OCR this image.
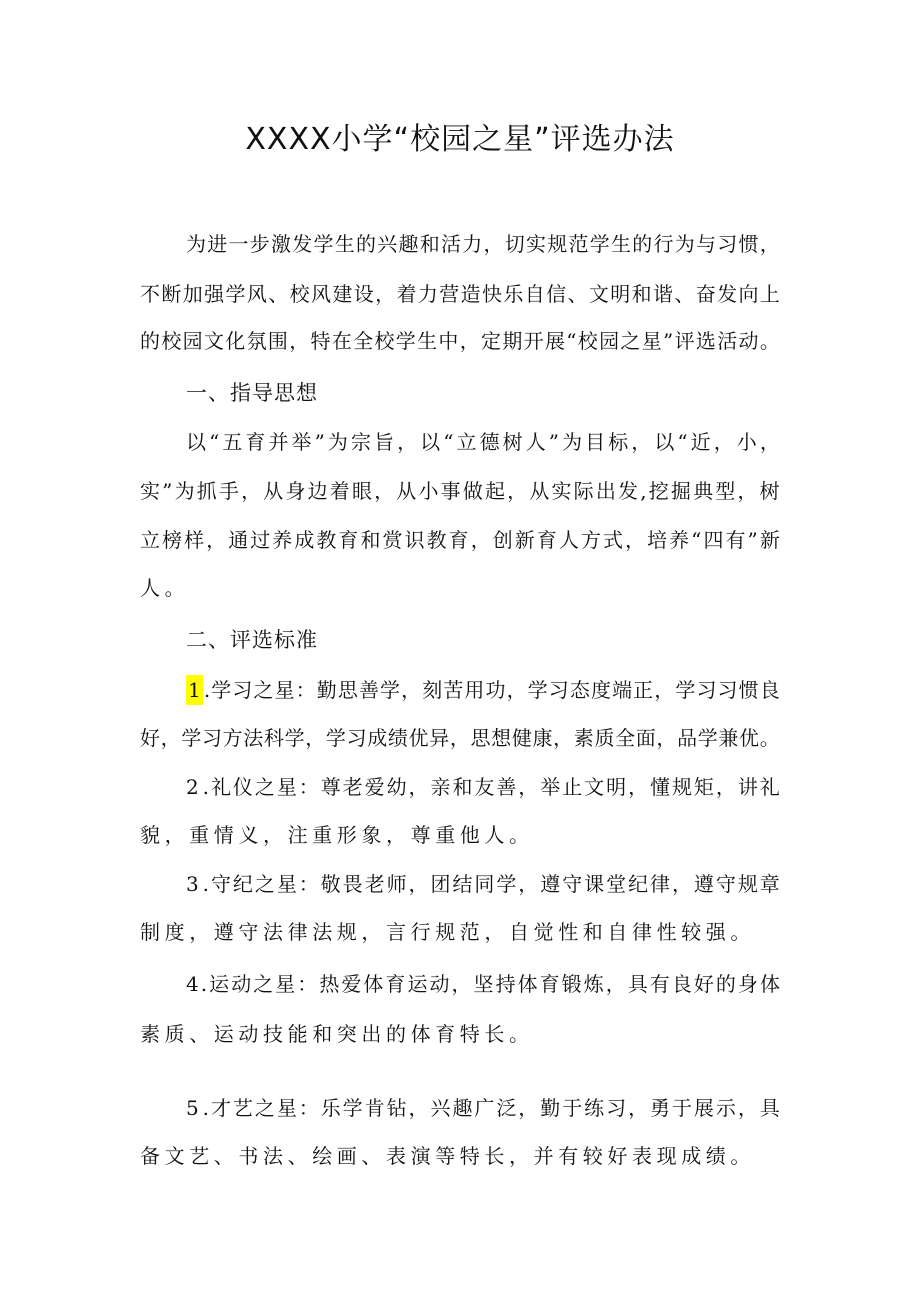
XXXX小学“校园之星”评选办法
为 进 一 步 激 发 学 生 的 兴 趣 和 活 力 ， 切 实 规 范 学 生 的 行 为 与 习 惯 ，
不 断 加 强 学 风 、 校 风 建 设 ， 着 力 营 造 快 乐 自 信 、 文 明 和 谐 、 奋 发 向 上
的 校 园 文 化 氛 围 ， 特 在 全 校 学 生 中 ， 定 期 开 展 “ 校 园 之 星 ” 评 选 活 动 。
一、指导思想
以 “ 五 育 并 举 ” 为 宗 旨 ， 以 “ 立 德 树 人 ” 为 目 标 ， 以 “ 近 ， 小 ，
实 ” 为 抓 手 ， 从 身 边 着 眼 ， 从 小 事 做 起 ， 从 实 际 出 发 , 挖 掘 典 型 ， 树
立 榜 样 ， 通 过 养 成 教 育 和 赏 识 教 育 ， 创 新 育 人 方 式 ， 培 养 “ 四 有 ” 新
人。
二、评选标准
1 . 学 习 之 星 ： 勤 思 善 学 ， 刻 苦 用 功 ， 学 习 态 度 端 正 ， 学 习 习 惯 良
好 ， 学 习 方 法 科 学 ， 学 习 成 绩 优 异 ， 思 想 健 康 ， 素 质 全 面 ， 品 学 兼 优 。
2 . 礼 仪 之 星 ： 尊 老 爱 幼 ， 亲 和 友 善 ， 举 止 文 明 ， 懂 规 矩 ， 讲 礼
貌，重情义，注重形象，尊重他人。
3 . 守 纪 之 星 ： 敬 畏 老 师 ， 团 结 同 学 ， 遵 守 课 堂 纪 律 ， 遵 守 规 章
制度，遵守法律法规，言行规范，自觉性和自律性较强。
4 . 运 动 之 星 ： 热 爱 体 育 运 动 ， 坚 持 体 育 锻 炼 ， 具 有 良 好 的 身 体
素质、运动技能和突出的体育特长。
5 . 才 艺 之 星 ： 乐 学 肯 钻 ， 兴 趣 广 泛 ， 勤 于 练 习 ， 勇 于 展 示 ， 具
备文艺、书法、绘画、表演等特长，并有较好表现成绩。
